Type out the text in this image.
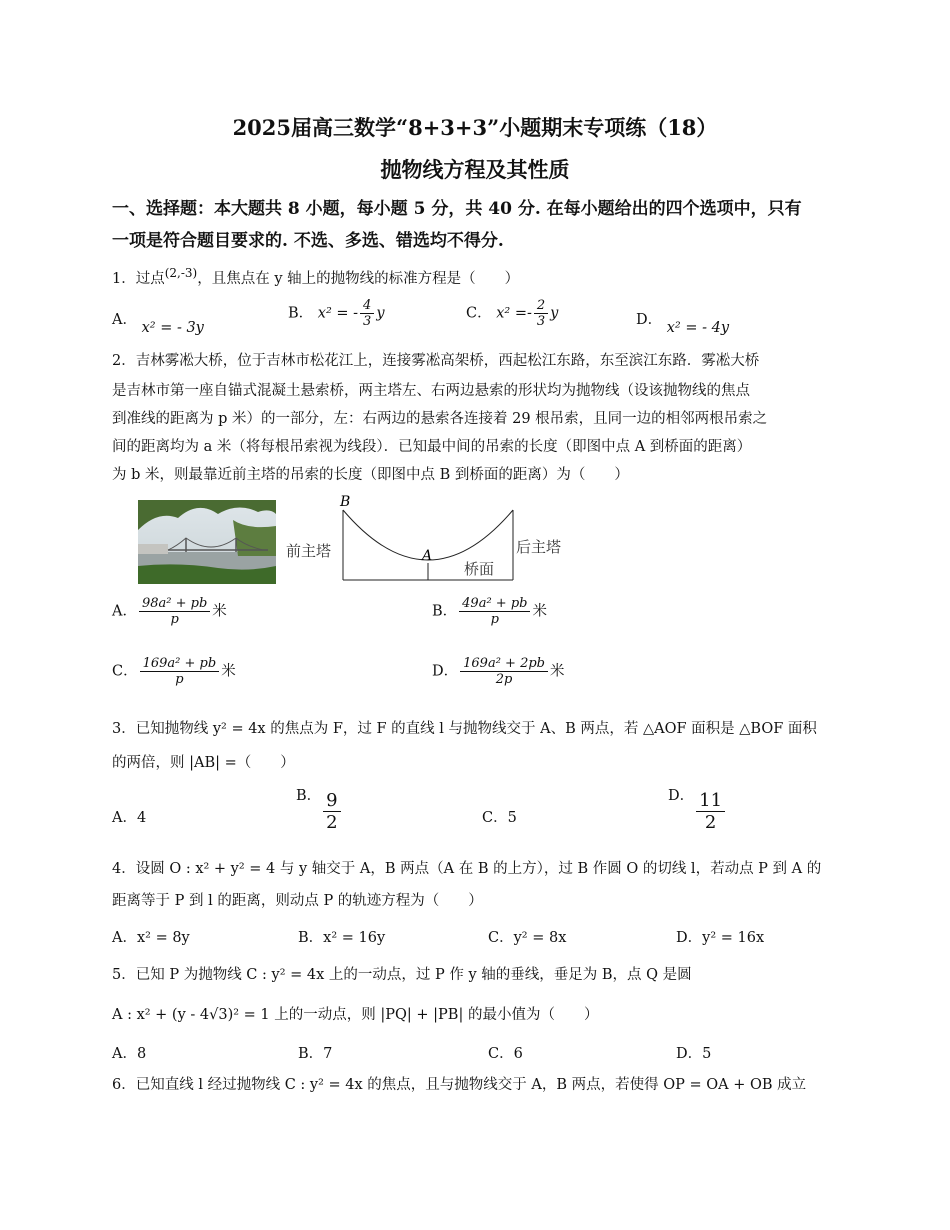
2025届高三数学“8+3+3”小题期末专项练（18）
抛物线方程及其性质
一、选择题：本大题共 8 小题，每小题 5 分，共 40 分. 在每小题给出的四个选项中，只有
一项是符合题目要求的. 不选、多选、错选均不得分.
1．过点$^{(2,-3)}$，且焦点在 y 轴上的抛物线的标准方程是（　　）
A． x² = - 3y
B． x² = - $\frac{4}{3}$ y	C． $x^2 =- \frac{2}{3}$ y	D． x² = - 4y
2．吉林雾凇大桥，位于吉林市松花江上，连接雾凇高架桥，西起松江东路，东至滨江东路．雾凇大桥
是吉林市第一座自锚式混凝土悬索桥，两主塔左、右两边悬索的形状均为抛物线（设该抛物线的焦点
到准线的距离为 p 米）的一部分，左：右两边的悬索各连接着 29 根吊索，且同一边的相邻两根吊索之
间的距离均为 a 米（将每根吊索视为线段）．已知最中间的吊索的长度（即图中点 A 到桥面的距离）
为 b 米，则最靠近前主塔的吊索的长度（即图中点 B 到桥面的距离）为（　　）
B
A
前主塔	后主塔
桥面
A． $\frac{\text{98a² + pb}}{p}$ 米	B． $\frac{\text{49a² + pb}}{p}$ 米
C． $\frac{\text{169a² + pb}}{p}$ 米	D． $\frac{\text{169a² + 2pb}}{2p}$ 米
3．已知抛物线 y² = 4x 的焦点为 F，过 F 的直线 l 与抛物线交于 A、B 两点，若 △AOF 面积是 △BOF 面积
的两倍，则 |AB| =（　　）
A．4
B． $\frac{9}{2}$	C．5
D． $\frac{11}{2}$
4．设圆 O : x² + y² = 4 与 y 轴交于 A，B 两点（A 在 B 的上方），过 B 作圆 O 的切线 l，若动点 P 到 A 的
距离等于 P 到 l 的距离，则动点 P 的轨迹方程为（　　）
A．x² = 8y	B．x² = 16y	C．y² = 8x	D．y² = 16x
5．已知 P 为抛物线 C : y² = 4x 上的一动点，过 P 作 y 轴的垂线，垂足为 B，点 Q 是圆
A : x² + (y - 4√3)² = 1 上的一动点，则 |PQ| + |PB| 的最小值为（　　）
A．8	B．7	C．6	D．5
6．已知直线 l 经过抛物线 C : y² = 4x 的焦点，且与抛物线交于 A，B 两点，若使得 OP = OA + OB 成立
